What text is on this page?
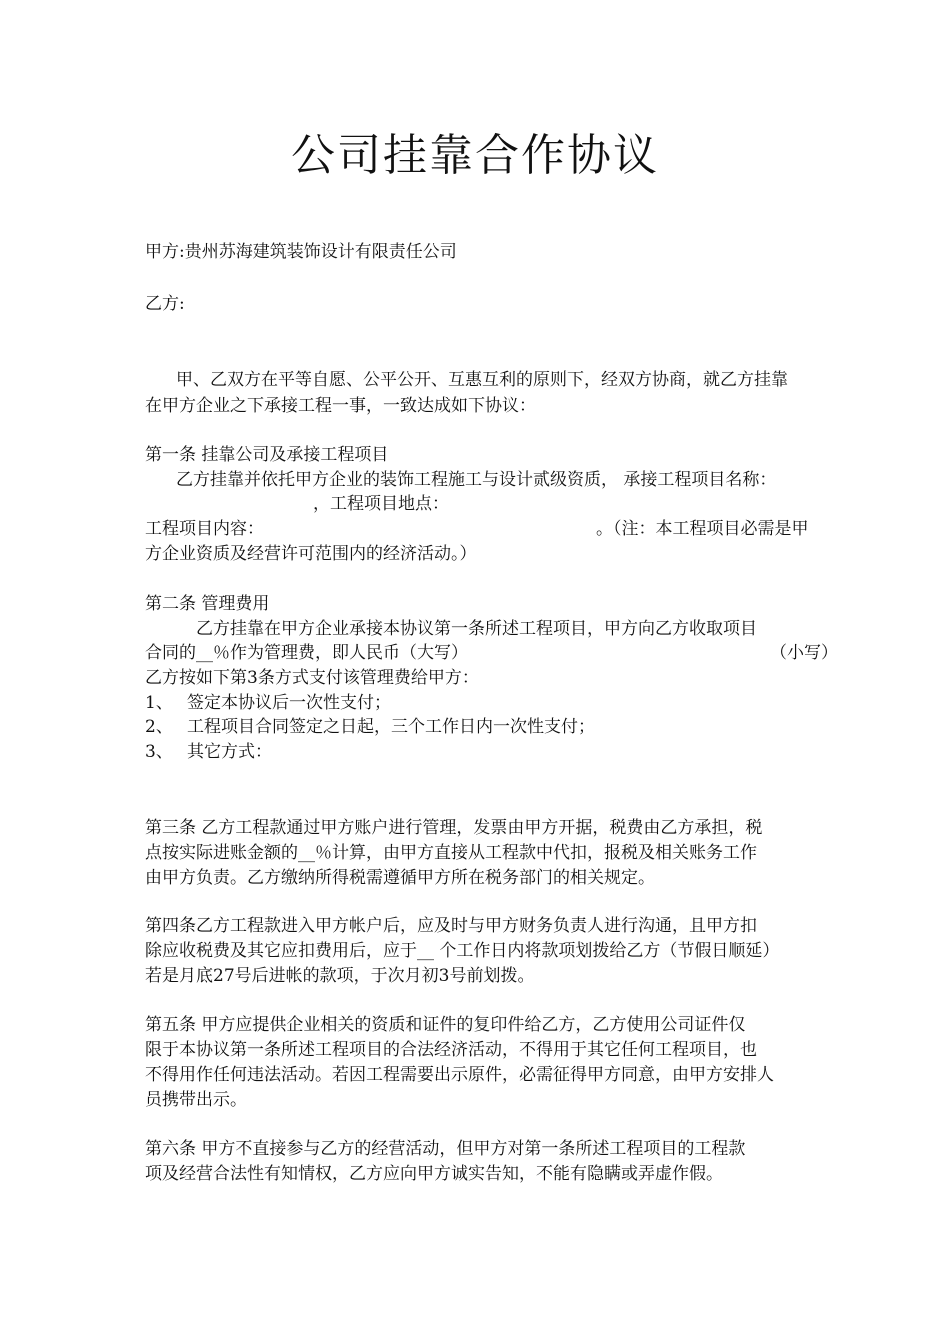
公司挂靠合作协议
甲方:贵州苏海建筑装饰设计有限责任公司
乙方:
甲、乙双方在平等自愿、公平公开、互惠互利的原则下，经双方协商，就乙方挂靠
在甲方企业之下承接工程一事，一致达成如下协议：
第一条 挂靠公司及承接工程项目
乙方挂靠并依托甲方企业的装饰工程施工与设计贰级资质， 承接工程项目名称：
，工程项目地点：
工程项目内容：	。（注：本工程项目必需是甲
方企业资质及经营许可范围内的经济活动。）
第二条 管理费用
乙方挂靠在甲方企业承接本协议第一条所述工程项目，甲方向乙方收取项目
合同的__％作为管理费，即人民币（大写）	（小写）
乙方按如下第3条方式支付该管理费给甲方：
1、 签定本协议后一次性支付；
2、 工程项目合同签定之日起，三个工作日内一次性支付；
3、 其它方式：
第三条 乙方工程款通过甲方账户进行管理，发票由甲方开据，税费由乙方承担，税
点按实际进账金额的__％计算，由甲方直接从工程款中代扣，报税及相关账务工作
由甲方负责。乙方缴纳所得税需遵循甲方所在税务部门的相关规定。
第四条乙方工程款进入甲方帐户后，应及时与甲方财务负责人进行沟通，且甲方扣
除应收税费及其它应扣费用后，应于__ 个工作日内将款项划拨给乙方（节假日顺延）
若是月底27号后进帐的款项，于次月初3号前划拨。
第五条 甲方应提供企业相关的资质和证件的复印件给乙方，乙方使用公司证件仅
限于本协议第一条所述工程项目的合法经济活动，不得用于其它任何工程项目，也
不得用作任何违法活动。若因工程需要出示原件，必需征得甲方同意，由甲方安排人
员携带出示。
第六条 甲方不直接参与乙方的经营活动，但甲方对第一条所述工程项目的工程款
项及经营合法性有知情权，乙方应向甲方诚实告知，不能有隐瞒或弄虚作假。
